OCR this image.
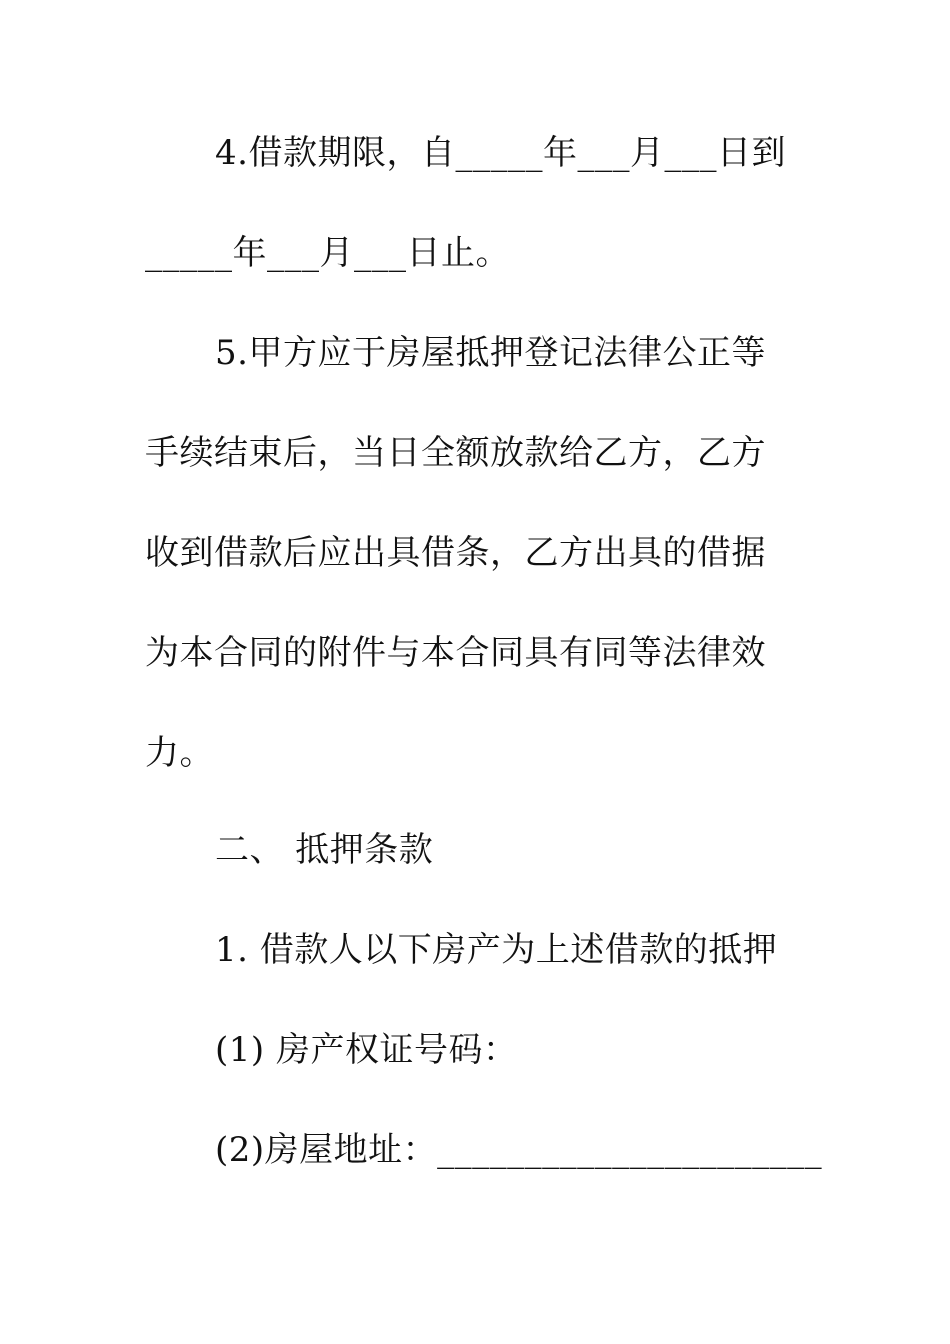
4.借款期限，自_____年___月___日到
_____年___月___日止。
5.甲方应于房屋抵押登记法律公正等
手续结束后，当日全额放款给乙方，乙方
收到借款后应出具借条，乙方出具的借据
为本合同的附件与本合同具有同等法律效
力。
二、 抵押条款
1. 借款人以下房产为上述借款的抵押
(1) 房产权证号码：
(2)房屋地址：______________________
